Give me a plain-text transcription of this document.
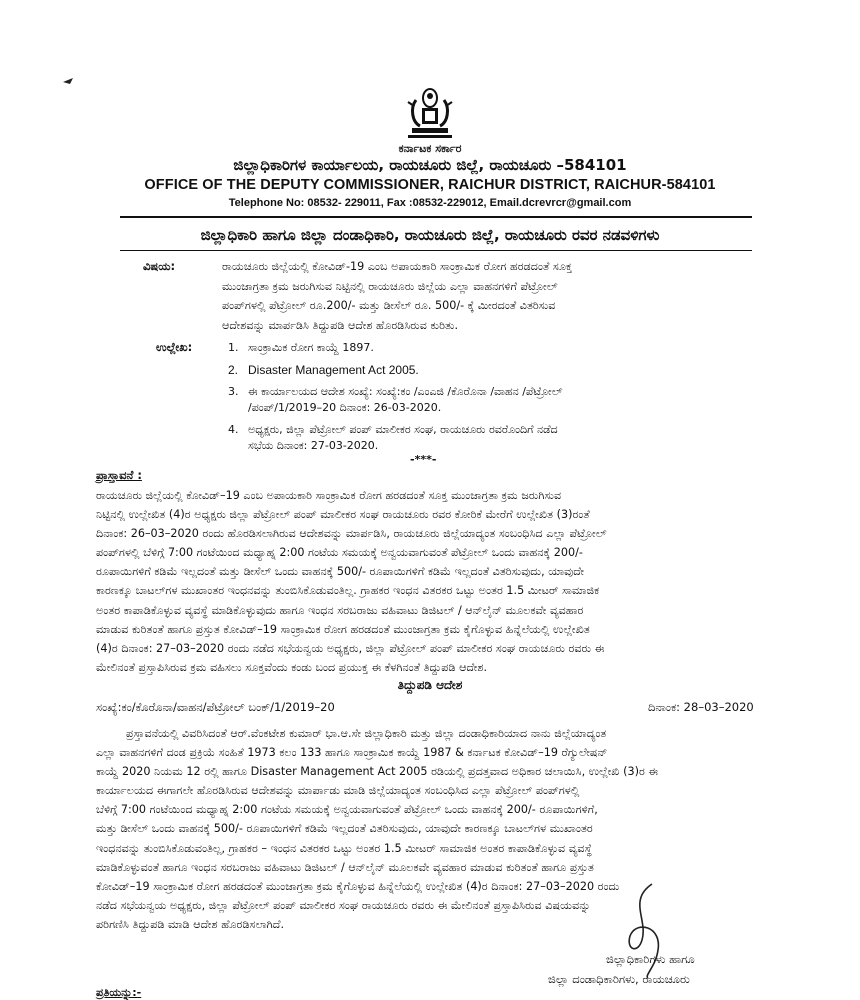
ಕರ್ನಾಟಕ ಸರ್ಕಾರ
ಜಿಲ್ಲಾಧಿಕಾರಿಗಳ ಕಾರ್ಯಾಲಯ, ರಾಯಚೂರು ಜಿಲ್ಲೆ, ರಾಯಚೂರು –584101
OFFICE OF THE DEPUTY COMMISSIONER, RAICHUR DISTRICT, RAICHUR-584101
Telephone No: 08532- 229011, Fax :08532-229012, Email.dcrevrcr@gmail.com
ಜಿಲ್ಲಾಧಿಕಾರಿ ಹಾಗೂ ಜಿಲ್ಲಾ ದಂಡಾಧಿಕಾರಿ, ರಾಯಚೂರು ಜಿಲ್ಲೆ, ರಾಯಚೂರು ರವರ ನಡವಳಿಗಳು
ವಿಷಯ:	ರಾಯಚೂರು ಜಿಲ್ಲೆಯಲ್ಲಿ ಕೋವಿಡ್-19 ಎಂಬ ಅಪಾಯಕಾರಿ ಸಾಂಕ್ರಾಮಿಕ ರೋಗ ಹರಡದಂತೆ ಸೂಕ್ತ
ಮುಂಜಾಗ್ರತಾ ಕ್ರಮ ಜರುಗಿಸುವ ನಿಟ್ಟಿನಲ್ಲಿ ರಾಯಚೂರು ಜಿಲ್ಲೆಯ ಎಲ್ಲಾ ವಾಹನಗಳಿಗೆ ಪೆಟ್ರೋಲ್
ಪಂಪ್‌ಗಳಲ್ಲಿ ಪೆಟ್ರೋಲ್ ರೂ.200/- ಮತ್ತು ಡೀಸೆಲ್ ರೂ. 500/- ಕ್ಕೆ ಮೀರದಂತೆ ವಿತರಿಸುವ
ಆದೇಶವನ್ನು ಮಾರ್ಪಡಿಸಿ ತಿದ್ದುಪಡಿ ಆದೇಶ ಹೊರಡಿಸಿರುವ ಕುರಿತು.
ಉಲ್ಲೇಖ:	1. ಸಾಂಕ್ರಾಮಿಕ ರೋಗ ಕಾಯ್ದೆ 1897.
2. Disaster Management Act 2005.
3. ಈ ಕಾರ್ಯಾಲಯದ ಆದೇಶ ಸಂಖ್ಯೆ: ಸಂಖ್ಯೆ:ಕಂ /ಎಂಎಜಿ /ಕೊರೊನಾ /ವಾಹನ /ಪೆಟ್ರೋಲ್
/ಪಂಪ್/1/2019–20 ದಿನಾಂಕ: 26-03-2020.
4. ಅಧ್ಯಕ್ಷರು, ಜಿಲ್ಲಾ ಪೆಟ್ರೋಲ್ ಪಂಪ್ ಮಾಲೀಕರ ಸಂಘ, ರಾಯಚೂರು ರವರೊಂದಿಗೆ ನಡೆದ
ಸಭೆಯ ದಿನಾಂಕ: 27-03-2020.
-***-
ಪ್ರಾಸ್ತಾವನೆ :
ರಾಯಚೂರು ಜಿಲ್ಲೆಯಲ್ಲಿ ಕೋವಿಡ್–19 ಎಂಬ ಅಪಾಯಕಾರಿ ಸಾಂಕ್ರಾಮಿಕ ರೋಗ ಹರಡದಂತೆ ಸೂಕ್ತ ಮುಂಜಾಗ್ರತಾ ಕ್ರಮ ಜರುಗಿಸುವ
ನಿಟ್ಟಿನಲ್ಲಿ ಉಲ್ಲೇಖಿತ (4)ರ ಅಧ್ಯಕ್ಷರು ಜಿಲ್ಲಾ ಪೆಟ್ರೋಲ್ ಪಂಪ್ ಮಾಲೀಕರ ಸಂಘ ರಾಯಚೂರು ರವರ ಕೋರಿಕೆ ಮೇರೆಗೆ ಉಲ್ಲೇಖಿತ (3)ರಂತೆ
ದಿನಾಂಕ: 26–03–2020 ರಂದು ಹೊರಡಿಸಲಾಗಿರುವ ಆದೇಶವನ್ನು ಮಾರ್ಪಡಿಸಿ, ರಾಯಚೂರು ಜಿಲ್ಲೆಯಾದ್ಯಂತ ಸಂಬಂಧಿಸಿದ ಎಲ್ಲಾ ಪೆಟ್ರೋಲ್
ಪಂಪ್‌ಗಳಲ್ಲಿ ಬೆಳಿಗ್ಗೆ 7:00 ಗಂಟೆಯಿಂದ ಮಧ್ಯಾಹ್ನ 2:00 ಗಂಟೆಯ ಸಮಯಕ್ಕೆ ಅನ್ವಯವಾಗುವಂತೆ ಪೆಟ್ರೋಲ್ ಒಂದು ವಾಹನಕ್ಕೆ 200/-
ರೂಪಾಯಿಗಳಿಗೆ ಕಡಿಮೆ ಇಲ್ಲದಂತೆ ಮತ್ತು ಡೀಸೆಲ್ ಒಂದು ವಾಹನಕ್ಕೆ 500/- ರೂಪಾಯಿಗಳಿಗೆ ಕಡಿಮೆ ಇಲ್ಲದಂತೆ ವಿತರಿಸುವುದು, ಯಾವುದೇ
ಕಾರಣಕ್ಕೂ ಬಾಟಲ್‌ಗಳ ಮುಖಾಂತರ ಇಂಧನವನ್ನು ತುಂಬಿಸಿಕೊಡುವಂತಿಲ್ಲ. ಗ್ರಾಹಕರ ಇಂಧನ ವಿತರಕರ ಒಟ್ಟು ಅಂತರ 1.5 ಮೀಟರ್ ಸಾಮಾಜಿಕ
ಅಂತರ ಕಾಪಾಡಿಕೊಳ್ಳುವ ವ್ಯವಸ್ಥೆ ಮಾಡಿಕೊಳ್ಳುವುದು ಹಾಗೂ ಇಂಧನ ಸರಬರಾಜು ವಹಿವಾಟು ಡಿಜಿಟಲ್ / ಆನ್‌ಲೈನ್ ಮೂಲಕವೇ ವ್ಯವಹಾರ
ಮಾಡುವ ಕುರಿತಂತೆ ಹಾಗೂ ಪ್ರಸ್ತುತ ಕೋವಿಡ್–19 ಸಾಂಕ್ರಾಮಿಕ ರೋಗ ಹರಡದಂತೆ ಮುಂಜಾಗ್ರತಾ ಕ್ರಮ ಕೈಗೊಳ್ಳುವ ಹಿನ್ನೆಲೆಯಲ್ಲಿ ಉಲ್ಲೇಖಿತ
(4)ರ ದಿನಾಂಕ: 27–03–2020 ರಂದು ನಡೆದ ಸಭೆಯನ್ವಯ ಅಧ್ಯಕ್ಷರು, ಜಿಲ್ಲಾ ಪೆಟ್ರೋಲ್ ಪಂಪ್ ಮಾಲೀಕರ ಸಂಘ ರಾಯಚೂರು ರವರು ಈ
ಮೇಲಿನಂತೆ ಪ್ರಸ್ತಾಪಿಸಿರುವ ಕ್ರಮ ವಹಿಸಲು ಸೂಕ್ತವೆಂದು ಕಂಡು ಬಂದ ಪ್ರಯುಕ್ತ ಈ ಕೆಳಗಿನಂತೆ ತಿದ್ದುಪಡಿ ಆದೇಶ.
ತಿದ್ದುಪಡಿ ಆದೇಶ
ಸಂಖ್ಯೆ:ಕಂ/ಕೊರೊನಾ/ವಾಹನ/ಪೆಟ್ರೋಲ್ ಬಂಕ್/1/2019–20	ದಿನಾಂಕ: 28–03–2020
ಪ್ರಸ್ತಾವನೆಯಲ್ಲಿ ವಿವರಿಸಿದಂತೆ ಆರ್.ವೆಂಕಟೇಶ ಕುಮಾರ್ ಭಾ.ಆ.ಸೇ ಜಿಲ್ಲಾಧಿಕಾರಿ ಮತ್ತು ಜಿಲ್ಲಾ ದಂಡಾಧಿಕಾರಿಯಾದ ನಾನು ಜಿಲ್ಲೆಯಾದ್ಯಂತ
ಎಲ್ಲಾ ವಾಹನಗಳಿಗೆ ದಂಡ ಪ್ರಕ್ರಿಯೆ ಸಂಹಿತೆ 1973 ಕಲಂ 133 ಹಾಗೂ ಸಾಂಕ್ರಾಮಿಕ ಕಾಯ್ದೆ 1987 & ಕರ್ನಾಟಕ ಕೋವಿಡ್–19 ರೆಗ್ಯುಲೇಷನ್
ಕಾಯ್ದೆ 2020 ನಿಯಮ 12 ರಲ್ಲಿ ಹಾಗೂ Disaster Management Act 2005 ರಡಿಯಲ್ಲಿ ಪ್ರದತ್ತವಾದ ಅಧಿಕಾರ ಚಲಾಯಿಸಿ, ಉಲ್ಲೇಖಿ (3)ರ ಈ
ಕಾರ್ಯಾಲಯದ ಈಗಾಗಲೇ ಹೊರಡಿಸಿರುವ ಆದೇಶವನ್ನು ಮಾರ್ಪಾಡು ಮಾಡಿ ಜಿಲ್ಲೆಯಾದ್ಯಂತ ಸಂಬಂಧಿಸಿದ ಎಲ್ಲಾ ಪೆಟ್ರೋಲ್ ಪಂಪ್‌ಗಳಲ್ಲಿ
ಬೆಳಿಗ್ಗೆ 7:00 ಗಂಟೆಯಿಂದ ಮಧ್ಯಾಹ್ನ 2:00 ಗಂಟೆಯ ಸಮಯಕ್ಕೆ ಅನ್ವಯವಾಗುವಂತೆ ಪೆಟ್ರೋಲ್ ಒಂದು ವಾಹನಕ್ಕೆ 200/- ರೂಪಾಯಿಗಳಿಗೆ,
ಮತ್ತು ಡೀಸೆಲ್ ಒಂದು ವಾಹನಕ್ಕೆ 500/- ರೂಪಾಯಿಗಳಿಗೆ ಕಡಿಮೆ ಇಲ್ಲದಂತೆ ವಿತರಿಸುವುದು, ಯಾವುದೇ ಕಾರಣಕ್ಕೂ ಬಾಟಲ್‌ಗಳ ಮುಖಾಂತರ
ಇಂಧನವನ್ನು ತುಂಬಿಸಿಕೊಡುವಂತಿಲ್ಲ, ಗ್ರಾಹಕರ – ಇಂಧನ ವಿತರಕರ ಒಟ್ಟು ಅಂತರ 1.5 ಮೀಟರ್ ಸಾಮಾಜಿಕ ಅಂತರ ಕಾಪಾಡಿಕೊಳ್ಳುವ ವ್ಯವಸ್ಥೆ
ಮಾಡಿಕೊಳ್ಳುವಂತೆ ಹಾಗೂ ಇಂಧನ ಸರಬರಾಜು ವಹಿವಾಟು ಡಿಜಿಟಲ್ / ಆನ್‌ಲೈನ್ ಮೂಲಕವೇ ವ್ಯವಹಾರ ಮಾಡುವ ಕುರಿತಂತೆ ಹಾಗೂ ಪ್ರಸ್ತುತ
ಕೋವಿಡ್–19 ಸಾಂಕ್ರಾಮಿಕ ರೋಗ ಹರಡದಂತೆ ಮುಂಜಾಗ್ರತಾ ಕ್ರಮ ಕೈಗೊಳ್ಳುವ ಹಿನ್ನೆಲೆಯಲ್ಲಿ ಉಲ್ಲೇಖಿತ (4)ರ ದಿನಾಂಕ: 27–03–2020 ರಂದು
ನಡೆದ ಸಭೆಯನ್ವಯ ಅಧ್ಯಕ್ಷರು, ಜಿಲ್ಲಾ ಪೆಟ್ರೋಲ್ ಪಂಪ್ ಮಾಲೀಕರ ಸಂಘ ರಾಯಚೂರು ರವರು ಈ ಮೇಲಿನಂತೆ ಪ್ರಸ್ತಾಪಿಸಿರುವ ವಿಷಯವನ್ನು
ಪರಿಗಣಿಸಿ ತಿದ್ದುಪಡಿ ಮಾಡಿ ಆದೇಶ ಹೊರಡಿಸಲಾಗಿದೆ.
ಜಿಲ್ಲಾಧಿಕಾರಿಗಳು ಹಾಗೂ
ಜಿಲ್ಲಾ ದಂಡಾಧಿಕಾರಿಗಳು, ರಾಯಚೂರು
ಪ್ರತಿಯನ್ನು:-
